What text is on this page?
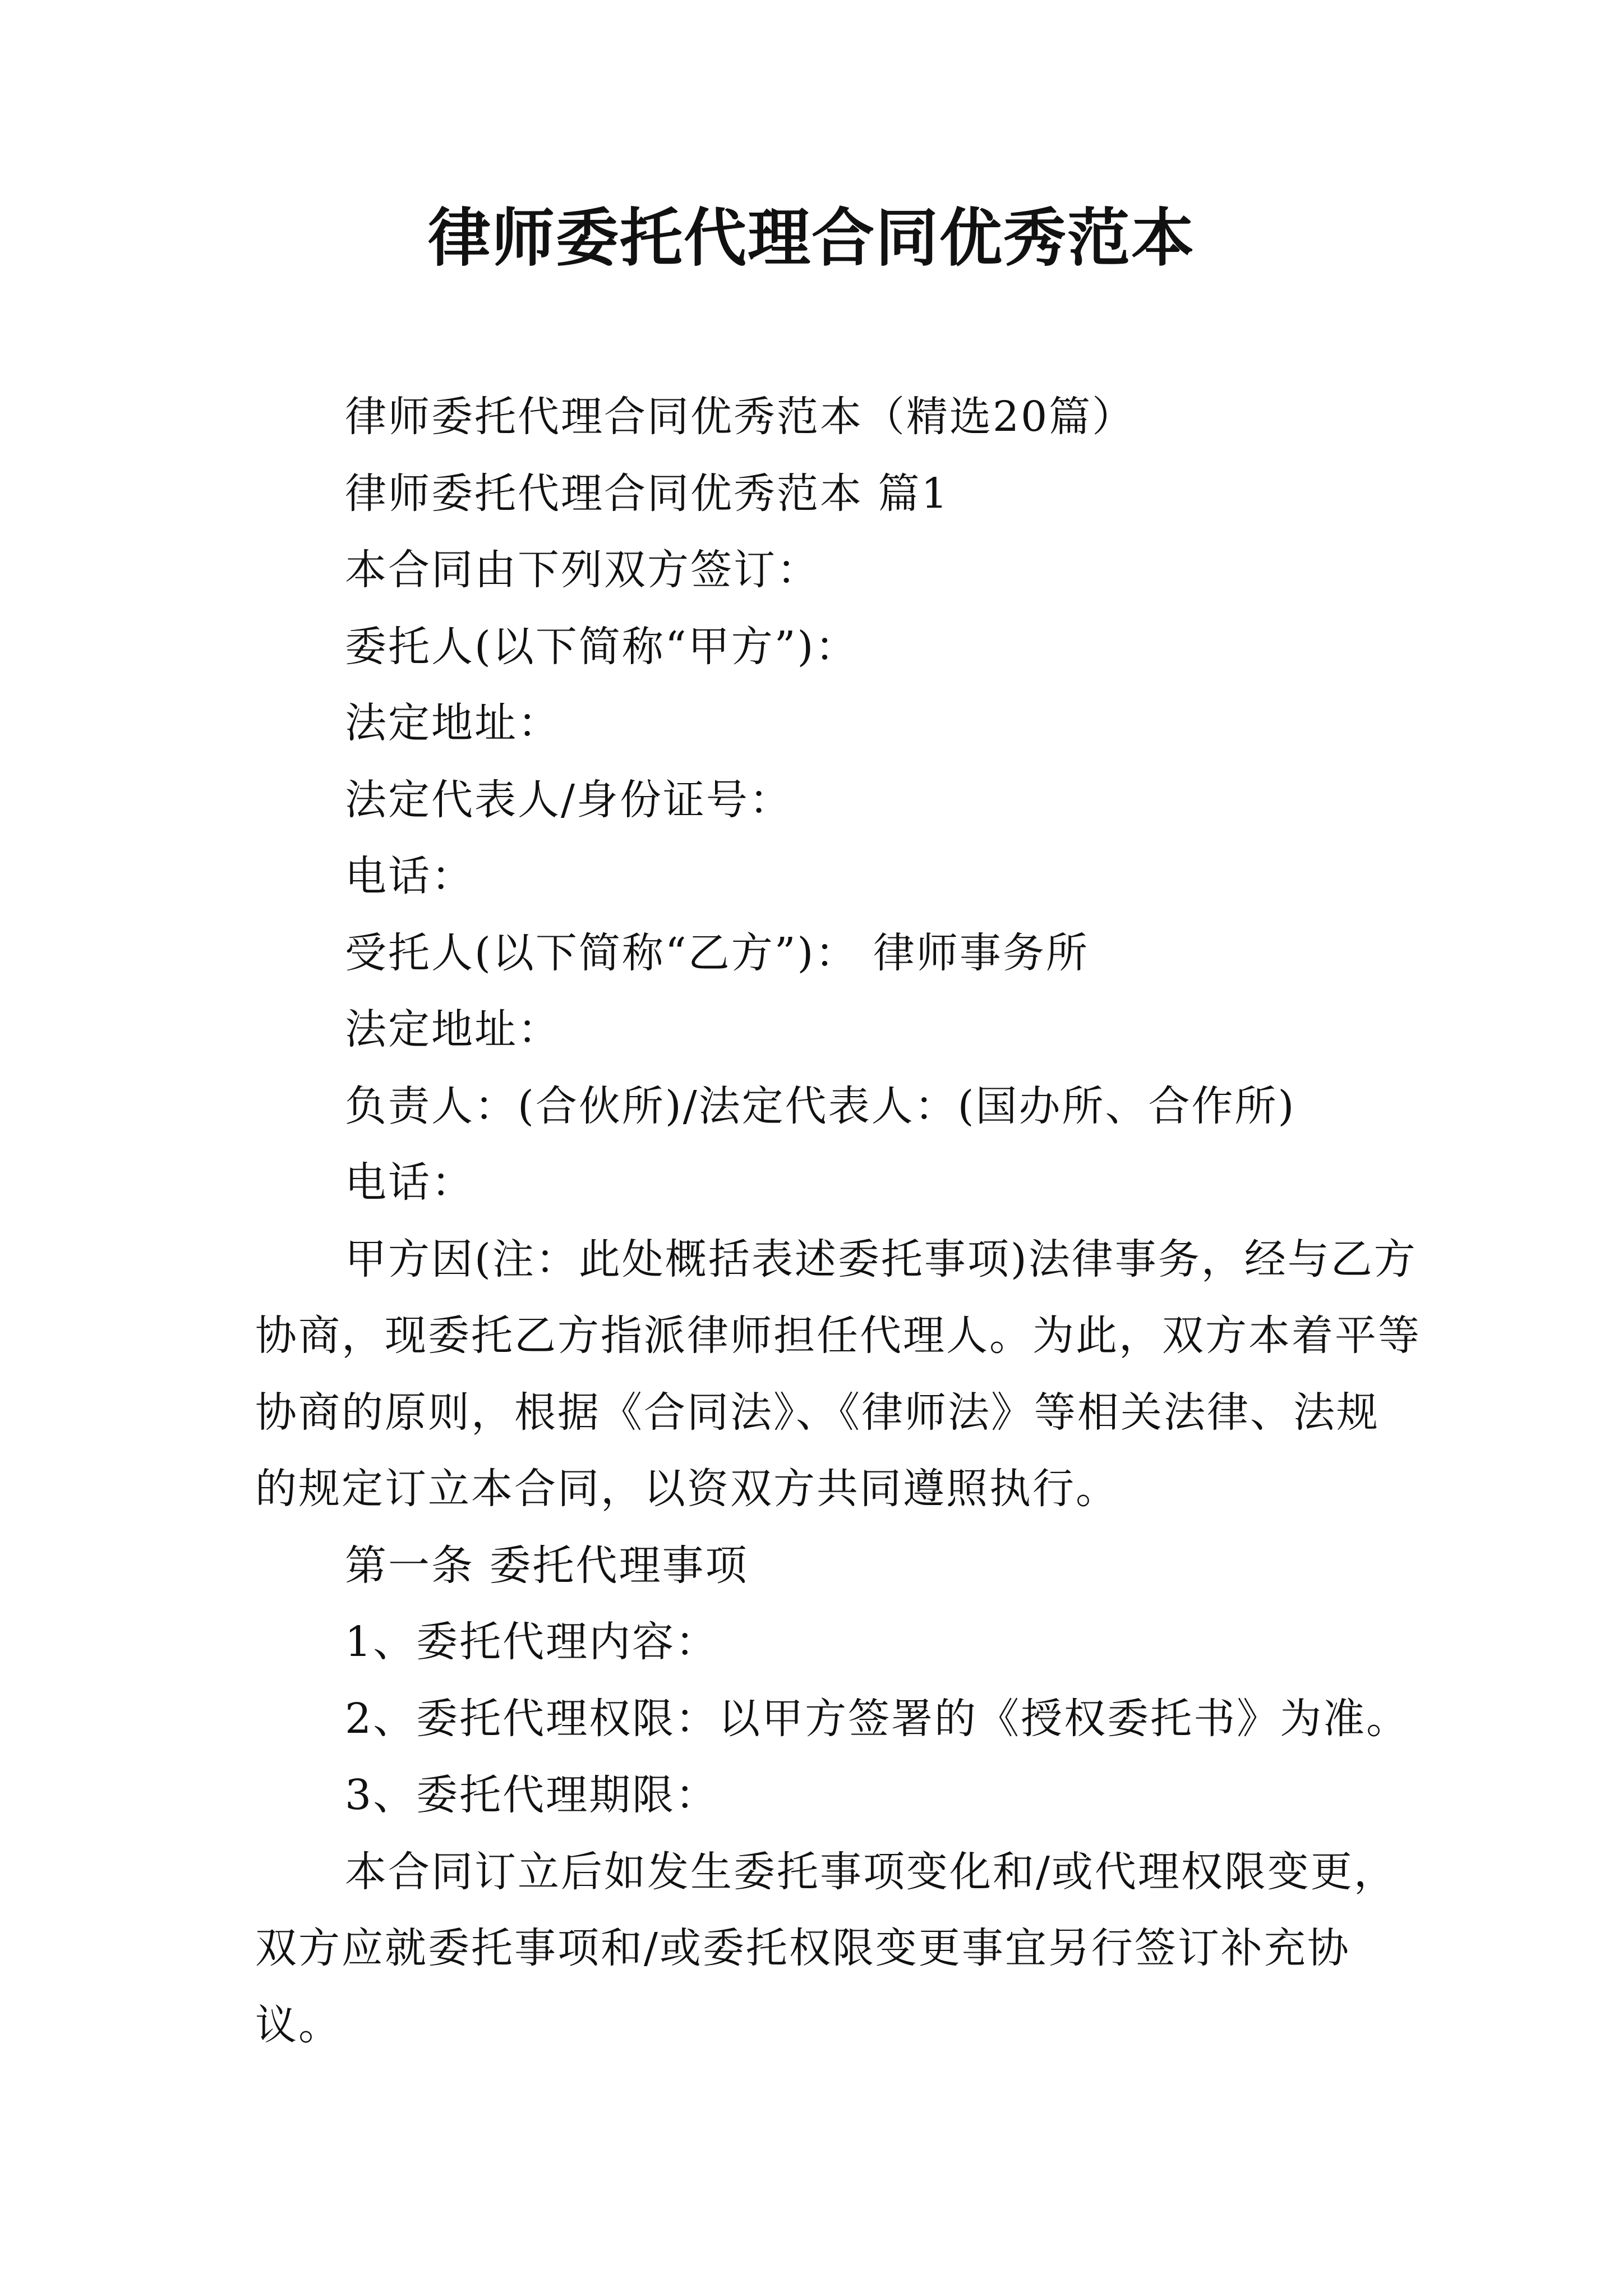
律师委托代理合同优秀范本

律师委托代理合同优秀范本（精选20篇）

律师委托代理合同优秀范本 篇1

本合同由下列双方签订：

委托人(以下简称“甲方”)：

法定地址：

法定代表人/身份证号：

电话：

受托人(以下简称“乙方”)： 律师事务所

法定地址：

负责人：(合伙所)/法定代表人：(国办所、合作所)

电话：

甲方因(注：此处概括表述委托事项)法律事务，经与乙方协商，现委托乙方指派律师担任代理人。为此，双方本着平等协商的原则，根据《合同法》、《律师法》等相关法律、法规的规定订立本合同，以资双方共同遵照执行。

第一条 委托代理事项

1、委托代理内容：

2、委托代理权限：以甲方签署的《授权委托书》为准。

3、委托代理期限：

本合同订立后如发生委托事项变化和/或代理权限变更，双方应就委托事项和/或委托权限变更事宜另行签订补充协议。
